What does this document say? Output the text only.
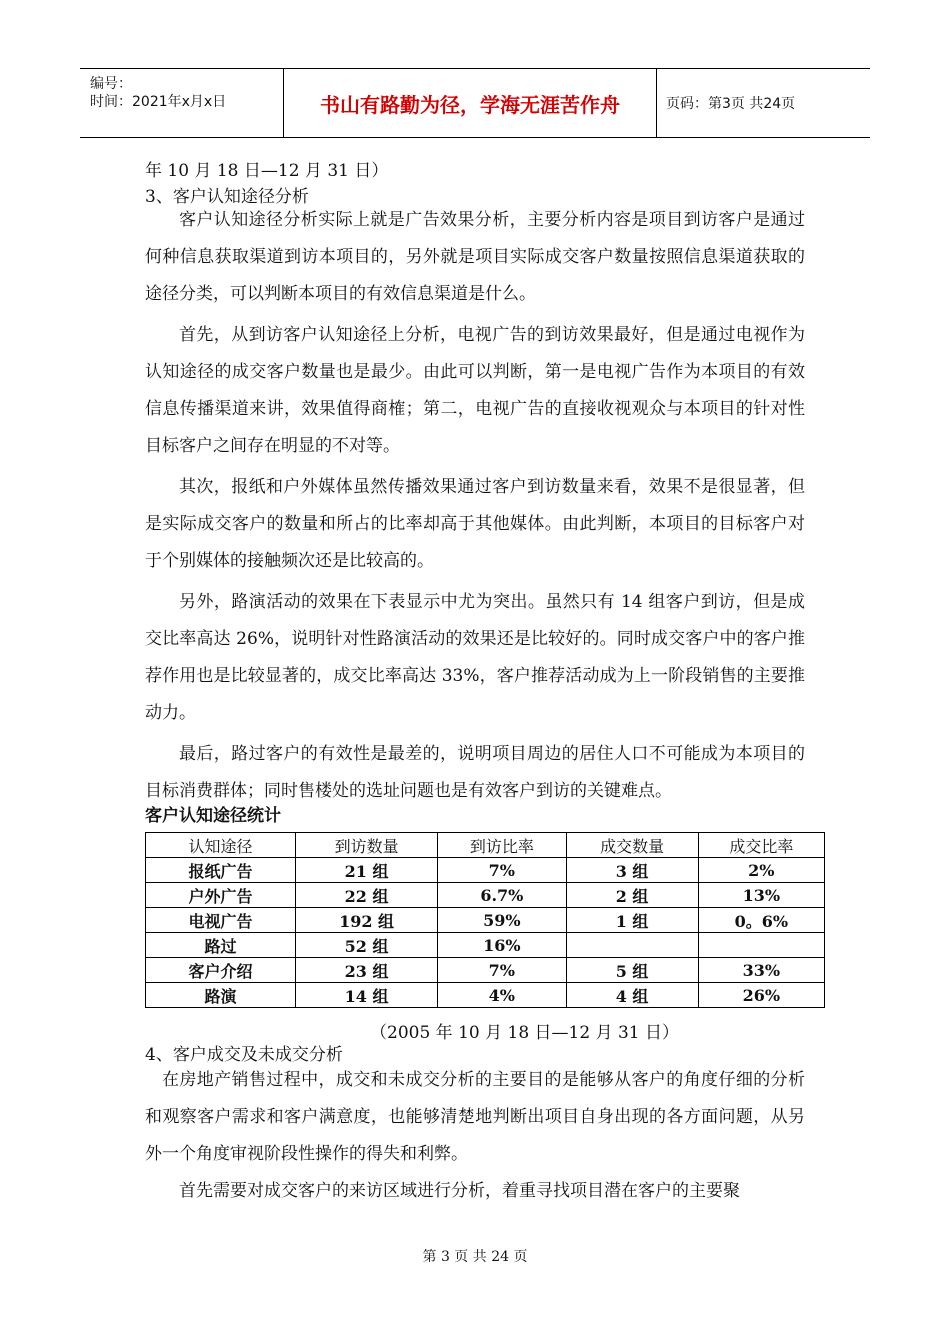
编号：
时间：2021年x月x日	书山有路勤为径，学海无涯苦作舟	页码：第3页 共24页
年 10 月 18 日—12 月 31 日）
3、客户认知途径分析

客户认知途径分析实际上就是广告效果分析，主要分析内容是项目到访客户是通过何种信息获取渠道到访本项目的，另外就是项目实际成交客户数量按照信息渠道获取的途径分类，可以判断本项目的有效信息渠道是什么。

首先，从到访客户认知途径上分析，电视广告的到访效果最好，但是通过电视作为认知途径的成交客户数量也是最少。由此可以判断，第一是电视广告作为本项目的有效信息传播渠道来讲，效果值得商榷；第二，电视广告的直接收视观众与本项目的针对性目标客户之间存在明显的不对等。

其次，报纸和户外媒体虽然传播效果通过客户到访数量来看，效果不是很显著，但是实际成交客户的数量和所占的比率却高于其他媒体。由此判断，本项目的目标客户对于个别媒体的接触频次还是比较高的。

另外，路演活动的效果在下表显示中尤为突出。虽然只有 14 组客户到访，但是成交比率高达 26%，说明针对性路演活动的效果还是比较好的。同时成交客户中的客户推荐作用也是比较显著的，成交比率高达 33%，客户推荐活动成为上一阶段销售的主要推动力。

最后，路过客户的有效性是最差的，说明项目周边的居住人口不可能成为本项目的目标消费群体；同时售楼处的选址问题也是有效客户到访的关键难点。

客户认知途径统计
认知途径	到访数量	到访比率	成交数量	成交比率
报纸广告	21 组	7%	3 组	2%
户外广告	22 组	6.7%	2 组	13%
电视广告	192 组	59%	1 组	0。6%
路过	52 组	16%		
客户介绍	23 组	7%	5 组	33%
路演	14 组	4%	4 组	26%
（2005 年 10 月 18 日—12 月 31 日）
4、客户成交及未成交分析

在房地产销售过程中，成交和未成交分析的主要目的是能够从客户的角度仔细的分析和观察客户需求和客户满意度，也能够清楚地判断出项目自身出现的各方面问题，从另外一个角度审视阶段性操作的得失和利弊。

首先需要对成交客户的来访区域进行分析，着重寻找项目潜在客户的主要聚

第 3 页 共 24 页
